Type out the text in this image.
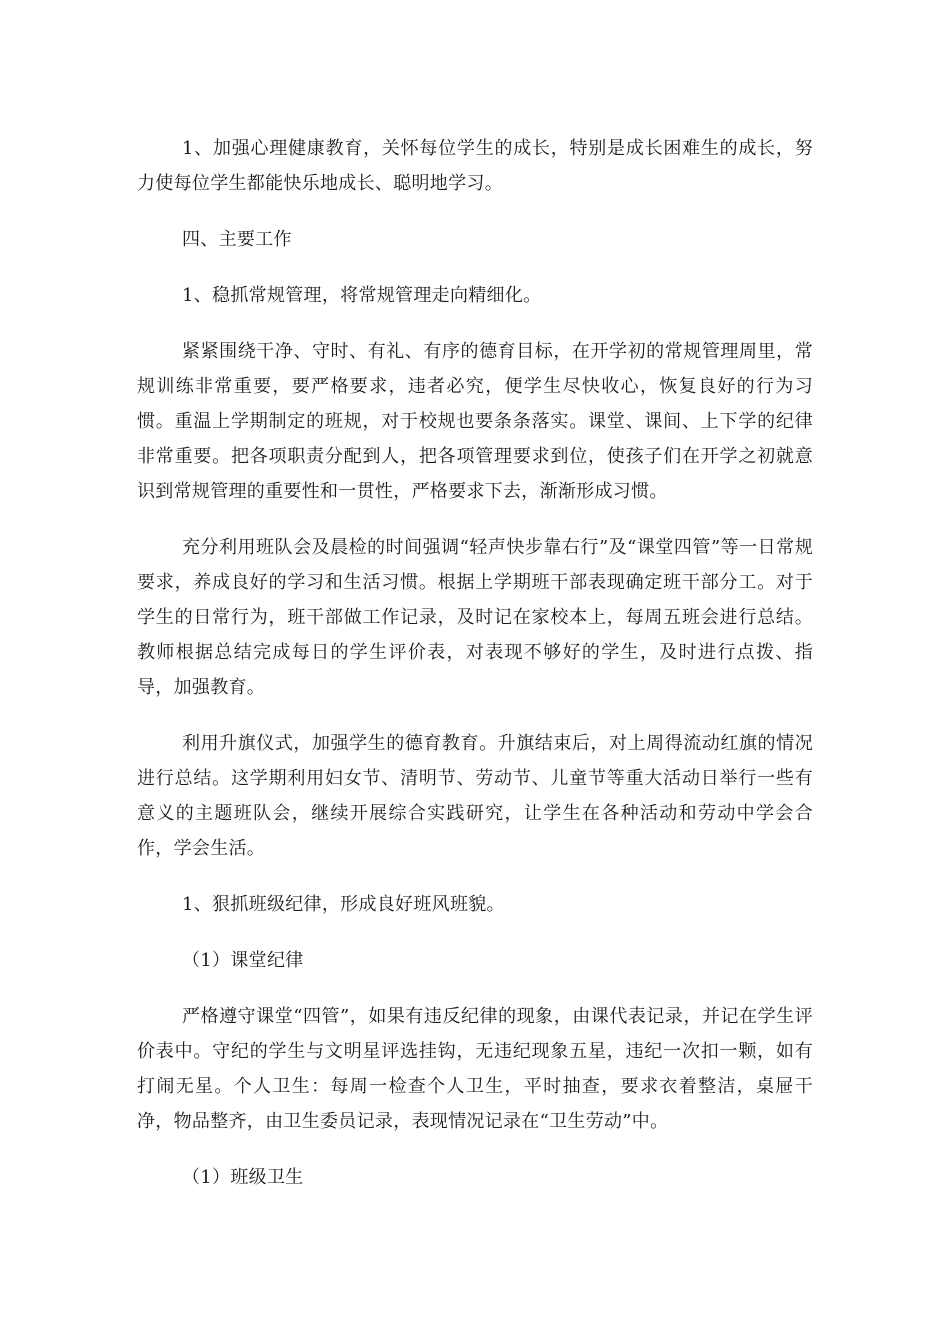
1、加强心理健康教育，关怀每位学生的成长，特别是成长困难生的成长，努力使每位学生都能快乐地成长、聪明地学习。

四、主要工作

1、稳抓常规管理，将常规管理走向精细化。

紧紧围绕干净、守时、有礼、有序的德育目标，在开学初的常规管理周里，常规训练非常重要，要严格要求，违者必究，便学生尽快收心，恢复良好的行为习惯。重温上学期制定的班规，对于校规也要条条落实。课堂、课间、上下学的纪律非常重要。把各项职责分配到人，把各项管理要求到位，使孩子们在开学之初就意识到常规管理的重要性和一贯性，严格要求下去，渐渐形成习惯。

充分利用班队会及晨检的时间强调“轻声快步靠右行”及“课堂四管”等一日常规要求，养成良好的学习和生活习惯。根据上学期班干部表现确定班干部分工。对于学生的日常行为，班干部做工作记录，及时记在家校本上，每周五班会进行总结。教师根据总结完成每日的学生评价表，对表现不够好的学生，及时进行点拨、指导，加强教育。

利用升旗仪式，加强学生的德育教育。升旗结束后，对上周得流动红旗的情况进行总结。这学期利用妇女节、清明节、劳动节、儿童节等重大活动日举行一些有意义的主题班队会，继续开展综合实践研究，让学生在各种活动和劳动中学会合作，学会生活。

1、狠抓班级纪律，形成良好班风班貌。

（1）课堂纪律

严格遵守课堂“四管”，如果有违反纪律的现象，由课代表记录，并记在学生评价表中。守纪的学生与文明星评选挂钩，无违纪现象五星，违纪一次扣一颗，如有打闹无星。个人卫生：每周一检查个人卫生，平时抽查，要求衣着整洁，桌屉干净，物品整齐，由卫生委员记录，表现情况记录在“卫生劳动”中。

（1）班级卫生
